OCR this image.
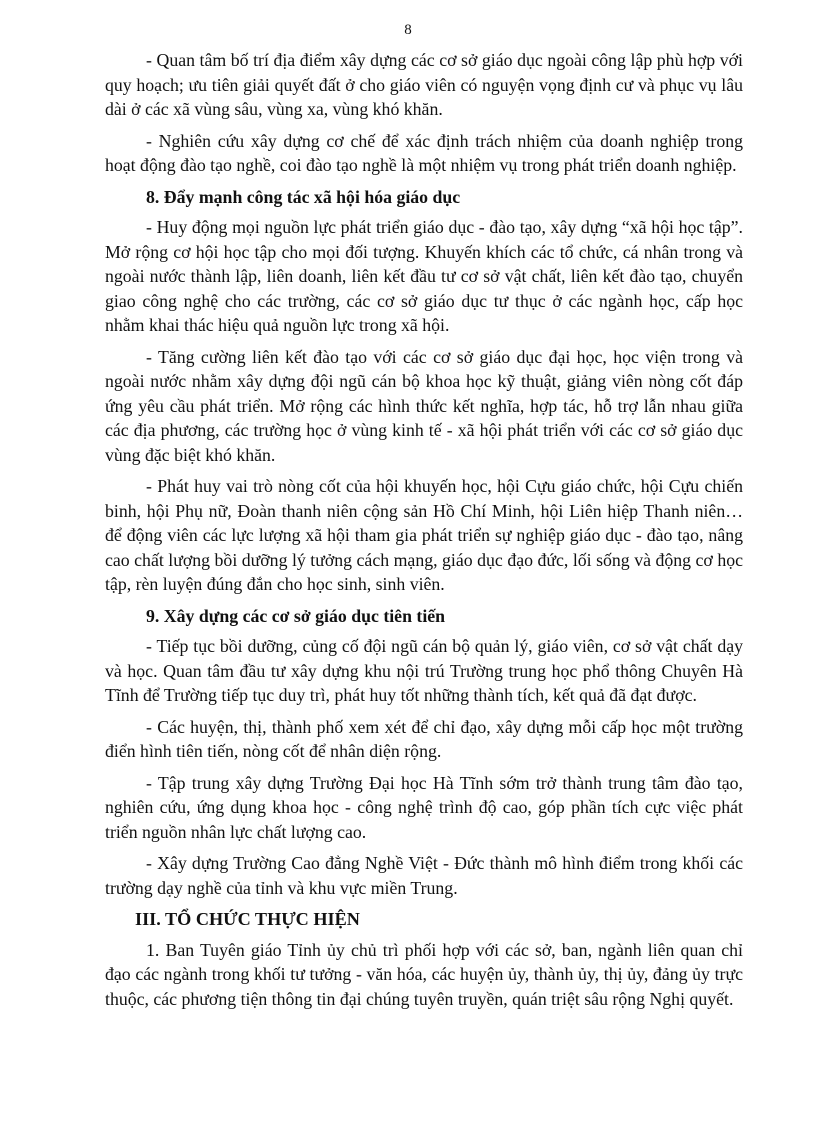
8

- Quan tâm bố trí địa điểm xây dựng các cơ sở giáo dục ngoài công lập phù hợp với quy hoạch; ưu tiên giải quyết đất ở cho giáo viên có nguyện vọng định cư và phục vụ lâu dài ở các xã vùng sâu, vùng xa, vùng khó khăn.

- Nghiên cứu xây dựng cơ chế để xác định trách nhiệm của doanh nghiệp trong hoạt động đào tạo nghề, coi đào tạo nghề là một nhiệm vụ trong phát triển doanh nghiệp.

8. Đẩy mạnh công tác xã hội hóa giáo dục

- Huy động mọi nguồn lực phát triển giáo dục - đào tạo, xây dựng “xã hội học tập”. Mở rộng cơ hội học tập cho mọi đối tượng. Khuyến khích các tổ chức, cá nhân trong và ngoài nước thành lập, liên doanh, liên kết đầu tư cơ sở vật chất, liên kết đào tạo, chuyển giao công nghệ cho các trường, các cơ sở giáo dục tư thục ở các ngành học, cấp học nhằm khai thác hiệu quả nguồn lực trong xã hội.

- Tăng cường liên kết đào tạo với các cơ sở giáo dục đại học, học viện trong và ngoài nước nhằm xây dựng đội ngũ cán bộ khoa học kỹ thuật, giảng viên nòng cốt đáp ứng yêu cầu phát triển. Mở rộng các hình thức kết nghĩa, hợp tác, hỗ trợ lẫn nhau giữa các địa phương, các trường học ở vùng kinh tế - xã hội phát triển với các cơ sở giáo dục vùng đặc biệt khó khăn.

- Phát huy vai trò nòng cốt của hội khuyến học, hội Cựu giáo chức, hội Cựu chiến binh, hội Phụ nữ, Đoàn thanh niên cộng sản Hồ Chí Minh, hội Liên hiệp Thanh niên… để động viên các lực lượng xã hội tham gia phát triển sự nghiệp giáo dục - đào tạo, nâng cao chất lượng bồi dưỡng lý tưởng cách mạng, giáo dục đạo đức, lối sống và động cơ học tập, rèn luyện đúng đắn cho học sinh, sinh viên.

9. Xây dựng các cơ sở giáo dục tiên tiến

- Tiếp tục bồi dưỡng, củng cố đội ngũ cán bộ quản lý, giáo viên, cơ sở vật chất dạy và học. Quan tâm đầu tư xây dựng khu nội trú Trường trung học phổ thông Chuyên Hà Tĩnh để Trường tiếp tục duy trì, phát huy tốt những thành tích, kết quả đã đạt được.

- Các huyện, thị, thành phố xem xét để chỉ đạo, xây dựng mỗi cấp học một trường điển hình tiên tiến, nòng cốt để nhân diện rộng.

- Tập trung xây dựng Trường Đại học Hà Tĩnh sớm trở thành trung tâm đào tạo, nghiên cứu, ứng dụng khoa học - công nghệ trình độ cao, góp phần tích cực việc phát triển nguồn nhân lực chất lượng cao.

- Xây dựng Trường Cao đẳng Nghề Việt - Đức thành mô hình điểm trong khối các trường dạy nghề của tỉnh và khu vực miền Trung.

III. TỔ CHỨC THỰC HIỆN

1. Ban Tuyên giáo Tỉnh ủy chủ trì phối hợp với các sở, ban, ngành liên quan chỉ đạo các ngành trong khối tư tưởng - văn hóa, các huyện ủy, thành ủy, thị ủy, đảng ủy trực thuộc, các phương tiện thông tin đại chúng tuyên truyền, quán triệt sâu rộng Nghị quyết.
